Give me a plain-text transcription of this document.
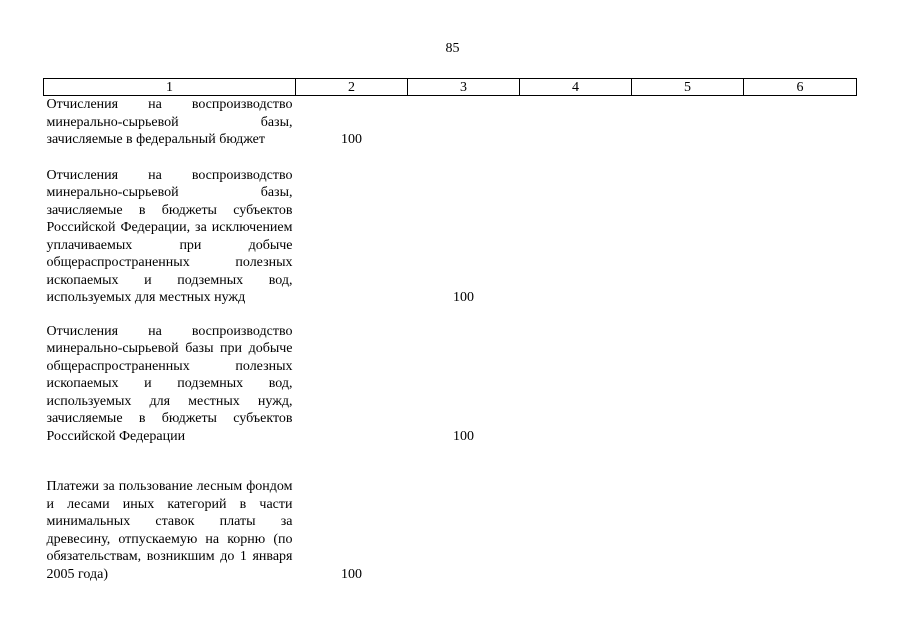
85
1	2	3	4	5	6
Отчисления на воспроизводство минерально-сырьевой базы, зачисляемые в федеральный бюджет	100				
Отчисления на воспроизводство минерально-сырьевой базы, зачисляемые в бюджеты субъектов Российской Федерации, за исключением уплачиваемых при добыче общераспространенных полезных ископаемых и подземных вод, используемых для местных нужд		100			
Отчисления на воспроизводство минерально-сырьевой базы при добыче общераспространенных полезных ископаемых и подземных вод, используемых для местных нужд, зачисляемые в бюджеты субъектов Российской Федерации		100			
Платежи за пользование лесным фондом и лесами иных категорий в части минимальных ставок платы за древесину, отпускаемую на корню (по обязательствам, возникшим до 1 января 2005 года)	100				
